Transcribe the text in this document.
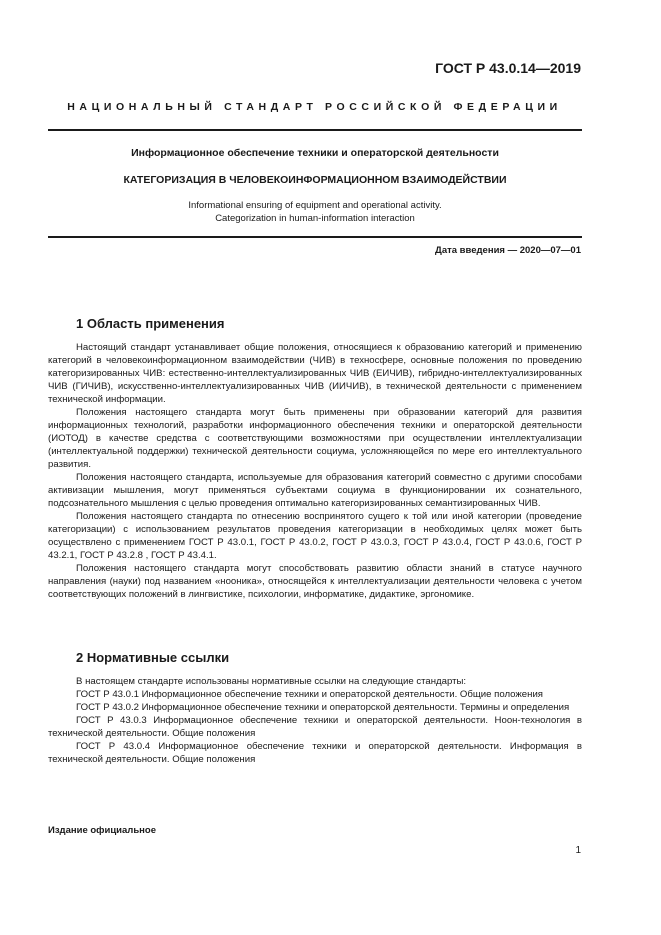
ГОСТ Р 43.0.14—2019
НАЦИОНАЛЬНЫЙ СТАНДАРТ РОССИЙСКОЙ ФЕДЕРАЦИИ
Информационное обеспечение техники и операторской деятельности
КАТЕГОРИЗАЦИЯ В ЧЕЛОВЕКОИНФОРМАЦИОННОМ ВЗАИМОДЕЙСТВИИ
Informational ensuring of equipment and operational activity.
Categorization in human-information interaction
Дата введения — 2020—07—01
1 Область применения

Настоящий стандарт устанавливает общие положения, относящиеся к образованию категорий и применению категорий в человекоинформационном взаимодействии (ЧИВ) в техносфере, основные положения по проведению категоризированных ЧИВ: естественно-интеллектуализированных ЧИВ (ЕИЧИВ), гибридно-интеллектуализированных ЧИВ (ГИЧИВ), искусственно-интеллектуализированных ЧИВ (ИИЧИВ), в технической деятельности с применением технической информации.

Положения настоящего стандарта могут быть применены при образовании категорий для развития информационных технологий, разработки информационного обеспечения техники и операторской деятельности (ИОТОД) в качестве средства с соответствующими возможностями при осуществлении интеллектуализации (интеллектуальной поддержки) технической деятельности социума, усложняющейся по мере его интеллектуального развития.

Положения настоящего стандарта, используемые для образования категорий совместно с другими способами активизации мышления, могут применяться субъектами социума в функционировании их сознательного, подсознательного мышления с целью проведения оптимально категоризированных семантизированных ЧИВ.

Положения настоящего стандарта по отнесению воспринятого сущего к той или иной категории (проведение категоризации) с использованием результатов проведения категоризации в необходимых целях может быть осуществлено с применением ГОСТ Р 43.0.1, ГОСТ Р 43.0.2, ГОСТ Р 43.0.3, ГОСТ Р 43.0.4, ГОСТ Р 43.0.6, ГОСТ Р 43.2.1, ГОСТ Р 43.2.8 , ГОСТ Р 43.4.1.

Положения настоящего стандарта могут способствовать развитию области знаний в статусе научного направления (науки) под названием «нооника», относящейся к интеллектуализации деятельности человека с учетом соответствующих положений в лингвистике, психологии, информатике, дидактике, эргономике.

2 Нормативные ссылки

В настоящем стандарте использованы нормативные ссылки на следующие стандарты:

ГОСТ Р 43.0.1 Информационное обеспечение техники и операторской деятельности. Общие положения

ГОСТ Р 43.0.2 Информационное обеспечение техники и операторской деятельности. Термины и определения

ГОСТ Р 43.0.3 Информационное обеспечение техники и операторской деятельности. Ноон-технология в технической деятельности. Общие положения

ГОСТ Р 43.0.4 Информационное обеспечение техники и операторской деятельности. Информация в технической деятельности. Общие положения

Издание официальное
1
